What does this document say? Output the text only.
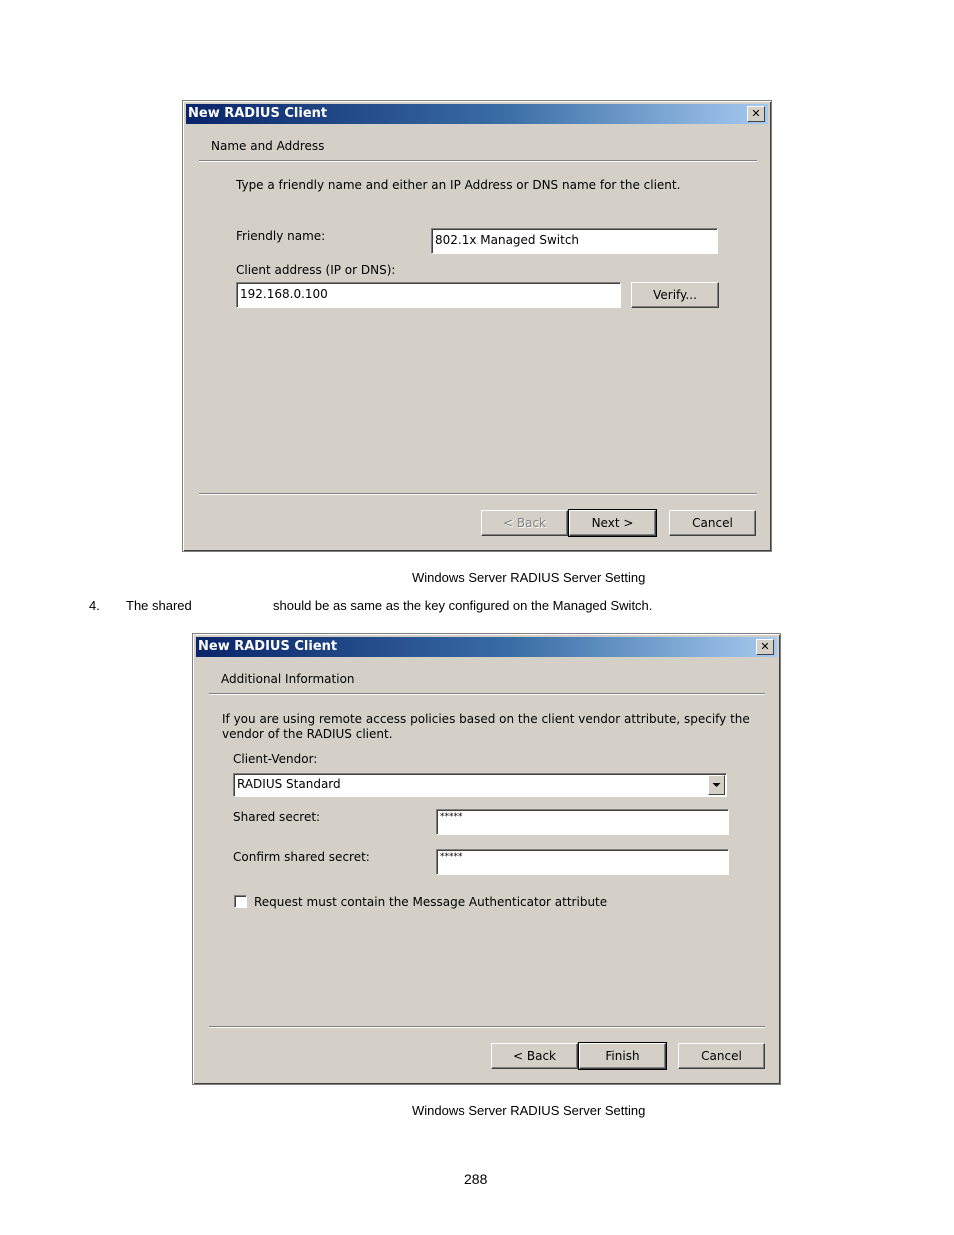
New RADIUS Client	✕
Name and Address
Type a friendly name and either an IP Address or DNS name for the client.
Friendly name:	802.1x Managed Switch
Client address (IP or DNS):
192.168.0.100	Verify...
< Back	Next >	Cancel
Windows Server RADIUS Server Setting
4. The shared	should be as same as the key configured on the Managed Switch.
New RADIUS Client	✕
Additional Information
If you are using remote access policies based on the client vendor attribute, specify the
vendor of the RADIUS client.
Client-Vendor:
RADIUS Standard
Shared secret:	*****
Confirm shared secret:	*****
Request must contain the Message Authenticator attribute
< Back	Finish	Cancel
Windows Server RADIUS Server Setting
288
